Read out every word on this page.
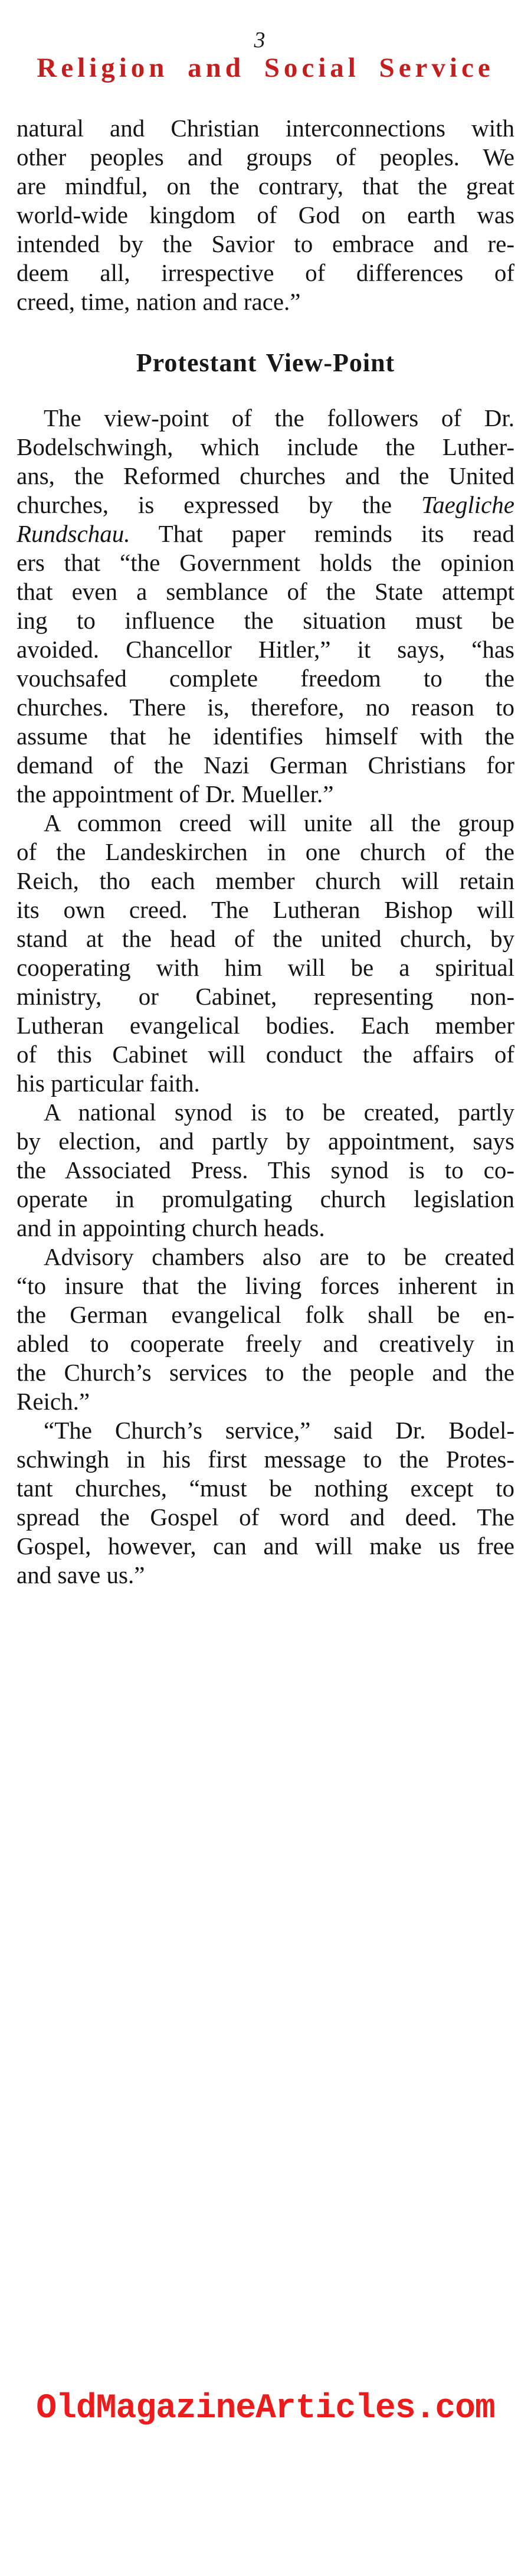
3
Religion and Social Service
natural and Christian interconnections with
other peoples and groups of peoples. We
are mindful, on the contrary, that the great
world-wide kingdom of God on earth was
intended by the Savior to embrace and re-
deem all, irrespective of differences of
creed, time, nation and race.”
Protestant View-Point
The view-point of the followers of Dr.
Bodelschwingh, which include the Luther-
ans, the Reformed churches and the United
churches, is expressed by the Taegliche
Rundschau. That paper reminds its read
ers that “the Government holds the opinion
that even a semblance of the State attempt
ing to influence the situation must be
avoided. Chancellor Hitler,” it says, “has
vouchsafed complete freedom to the
churches. There is, therefore, no reason to
assume that he identifies himself with the
demand of the Nazi German Christians for
the appointment of Dr. Mueller.”
A common creed will unite all the group
of the Landeskirchen in one church of the
Reich, tho each member church will retain
its own creed. The Lutheran Bishop will
stand at the head of the united church, by
cooperating with him will be a spiritual
ministry, or Cabinet, representing non-
Lutheran evangelical bodies. Each member
of this Cabinet will conduct the affairs of
his particular faith.
A national synod is to be created, partly
by election, and partly by appointment, says
the Associated Press. This synod is to co-
operate in promulgating church legislation
and in appointing church heads.
Advisory chambers also are to be created
“to insure that the living forces inherent in
the German evangelical folk shall be en-
abled to cooperate freely and creatively in
the Church’s services to the people and the
Reich.”
“The Church’s service,” said Dr. Bodel-
schwingh in his first message to the Protes-
tant churches, “must be nothing except to
spread the Gospel of word and deed. The
Gospel, however, can and will make us free
and save us.”
OldMagazineArticles.com
